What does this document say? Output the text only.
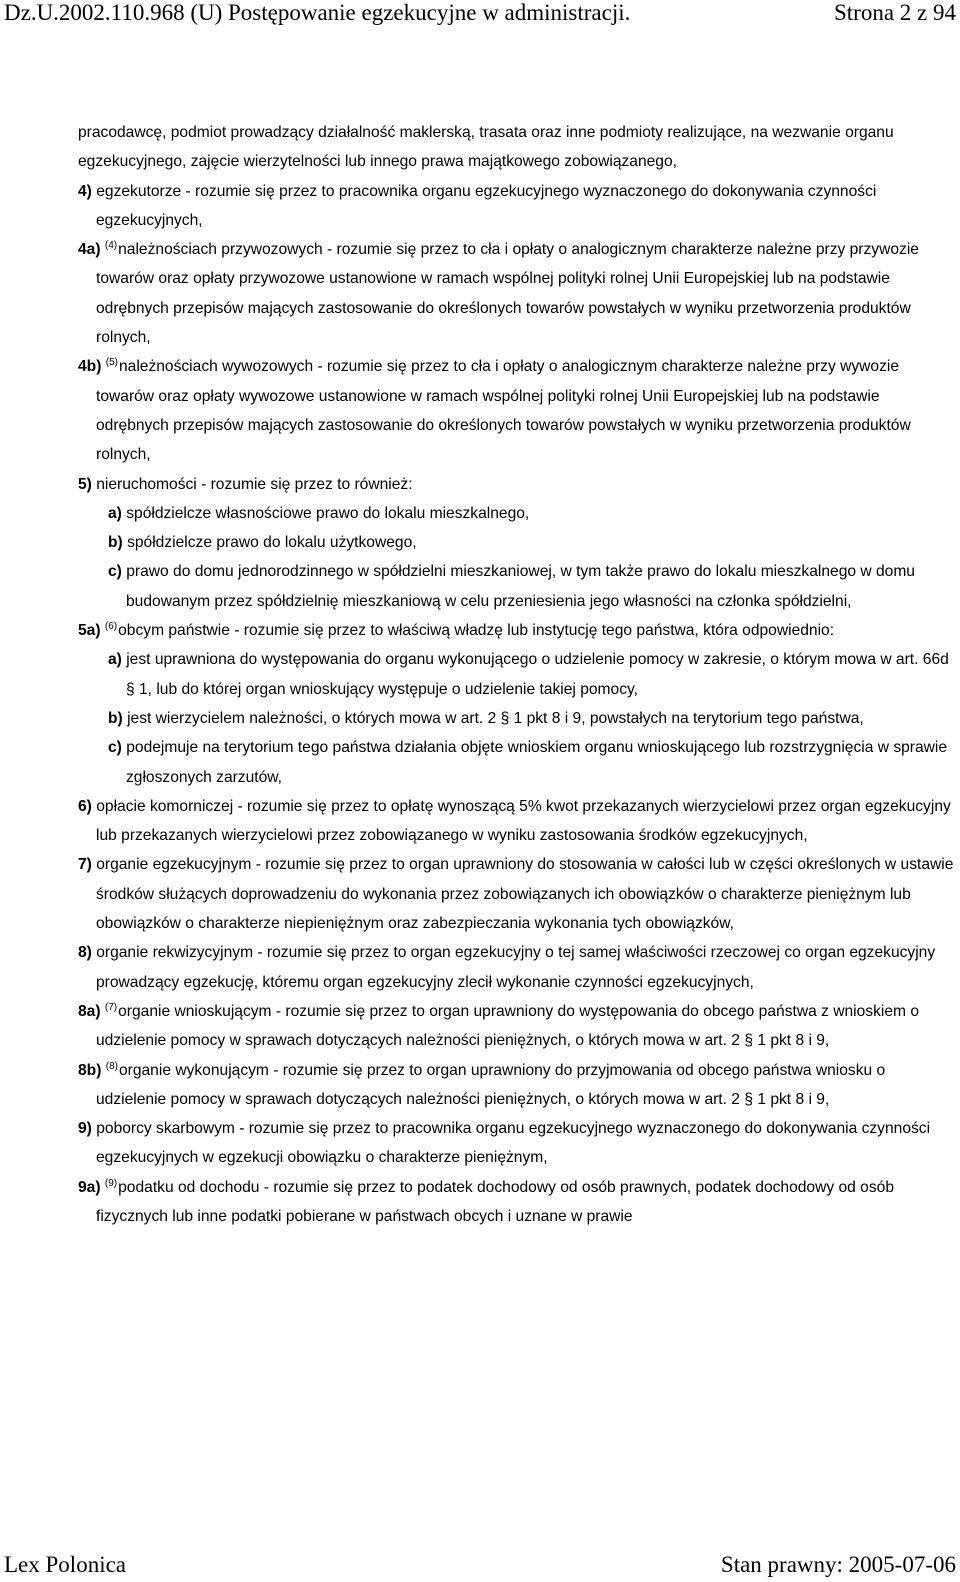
Dz.U.2002.110.968 (U) Postępowanie egzekucyjne w administracji.	Strona 2 z 94

pracodawcę, podmiot prowadzący działalność maklerską, trasata oraz inne podmioty realizujące, na wezwanie organu egzekucyjnego, zajęcie wierzytelności lub innego prawa majątkowego zobowiązanego,

4) egzekutorze - rozumie się przez to pracownika organu egzekucyjnego wyznaczonego do dokonywania czynności egzekucyjnych,

4a) $^{(4)}$należnościach przywozowych - rozumie się przez to cła i opłaty o analogicznym charakterze należne przy przywozie towarów oraz opłaty przywozowe ustanowione w ramach wspólnej polityki rolnej Unii Europejskiej lub na podstawie odrębnych przepisów mających zastosowanie do określonych towarów powstałych w wyniku przetworzenia produktów rolnych,

4b) $^{(5)}$należnościach wywozowych - rozumie się przez to cła i opłaty o analogicznym charakterze należne przy wywozie towarów oraz opłaty wywozowe ustanowione w ramach wspólnej polityki rolnej Unii Europejskiej lub na podstawie odrębnych przepisów mających zastosowanie do określonych towarów powstałych w wyniku przetworzenia produktów rolnych,

5) nieruchomości - rozumie się przez to również:

a) spółdzielcze własnościowe prawo do lokalu mieszkalnego,

b) spółdzielcze prawo do lokalu użytkowego,

c) prawo do domu jednorodzinnego w spółdzielni mieszkaniowej, w tym także prawo do lokalu mieszkalnego w domu budowanym przez spółdzielnię mieszkaniową w celu przeniesienia jego własności na członka spółdzielni,

5a) $^{(6)}$obcym państwie - rozumie się przez to właściwą władzę lub instytucję tego państwa, która odpowiednio:

a) jest uprawniona do występowania do organu wykonującego o udzielenie pomocy w zakresie, o którym mowa w art. 66d § 1, lub do której organ wnioskujący występuje o udzielenie takiej pomocy,

b) jest wierzycielem należności, o których mowa w art. 2 § 1 pkt 8 i 9, powstałych na terytorium tego państwa,

c) podejmuje na terytorium tego państwa działania objęte wnioskiem organu wnioskującego lub rozstrzygnięcia w sprawie zgłoszonych zarzutów,

6) opłacie komorniczej - rozumie się przez to opłatę wynoszącą 5% kwot przekazanych wierzycielowi przez organ egzekucyjny lub przekazanych wierzycielowi przez zobowiązanego w wyniku zastosowania środków egzekucyjnych,

7) organie egzekucyjnym - rozumie się przez to organ uprawniony do stosowania w całości lub w części określonych w ustawie środków służących doprowadzeniu do wykonania przez zobowiązanych ich obowiązków o charakterze pieniężnym lub obowiązków o charakterze niepieniężnym oraz zabezpieczania wykonania tych obowiązków,

8) organie rekwizycyjnym - rozumie się przez to organ egzekucyjny o tej samej właściwości rzeczowej co organ egzekucyjny prowadzący egzekucję, któremu organ egzekucyjny zlecił wykonanie czynności egzekucyjnych,

8a) $^{(7)}$organie wnioskującym - rozumie się przez to organ uprawniony do występowania do obcego państwa z wnioskiem o udzielenie pomocy w sprawach dotyczących należności pieniężnych, o których mowa w art. 2 § 1 pkt 8 i 9,

8b) $^{(8)}$organie wykonującym - rozumie się przez to organ uprawniony do przyjmowania od obcego państwa wniosku o udzielenie pomocy w sprawach dotyczących należności pieniężnych, o których mowa w art. 2 § 1 pkt 8 i 9,

9) poborcy skarbowym - rozumie się przez to pracownika organu egzekucyjnego wyznaczonego do dokonywania czynności egzekucyjnych w egzekucji obowiązku o charakterze pieniężnym,

9a) $^{(9)}$podatku od dochodu - rozumie się przez to podatek dochodowy od osób prawnych, podatek dochodowy od osób fizycznych lub inne podatki pobierane w państwach obcych i uznane w prawie

Lex Polonica	Stan prawny: 2005-07-06
